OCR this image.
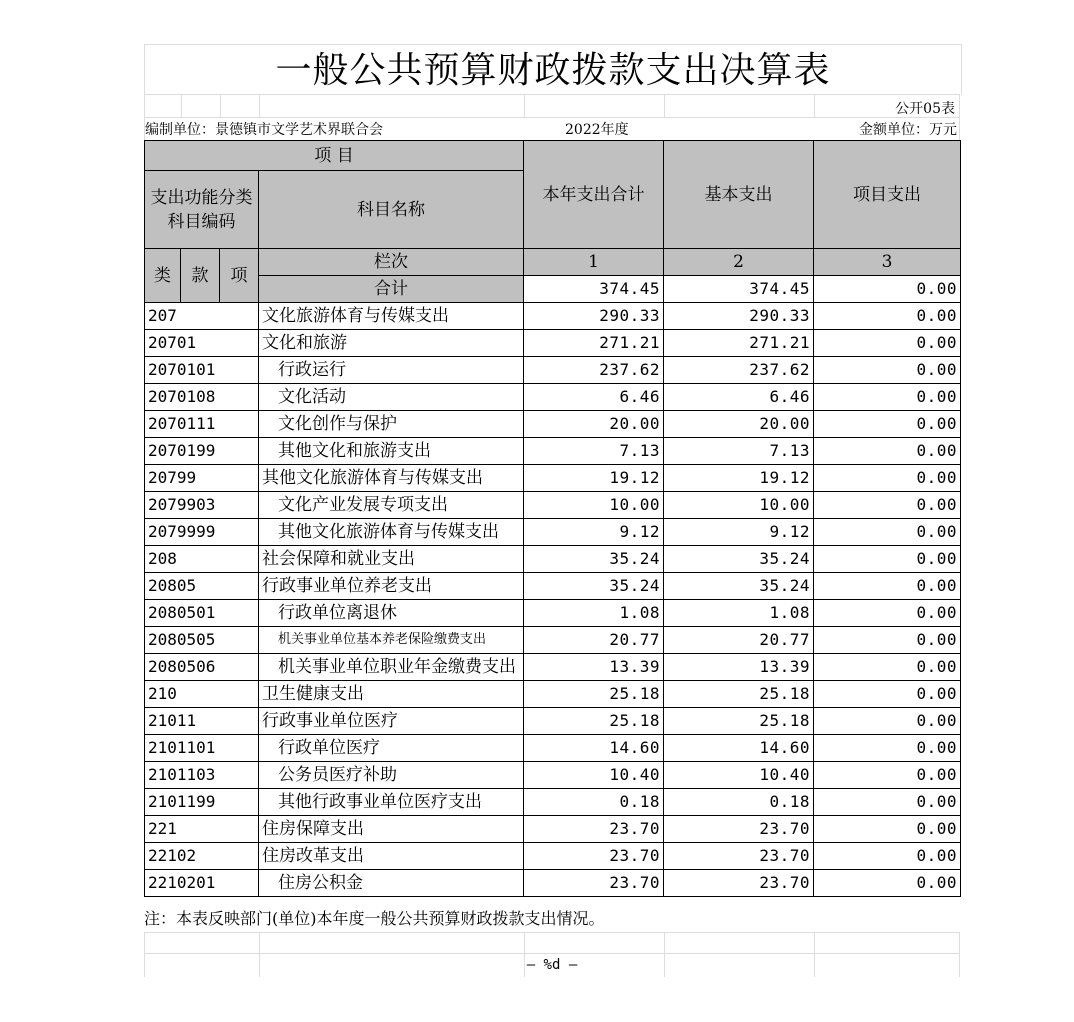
一般公共预算财政拨款支出决算表
公开05表
编制单位：景德镇市文学艺术界联合会	2022年度	金额单位：万元
项 目				本年支出合计	基本支出	项目支出

支出功能分类
科目编码			科目名称			

类	款	项	栏次	1	2	3
			合计	374.45	374.45	0.00
207			文化旅游体育与传媒支出	290.33	290.33	0.00
20701			文化和旅游	271.21	271.21	0.00
2070101			行政运行	237.62	237.62	0.00
2070108			文化活动	6.46	6.46	0.00
2070111			文化创作与保护	20.00	20.00	0.00
2070199			其他文化和旅游支出	7.13	7.13	0.00
20799			其他文化旅游体育与传媒支出	19.12	19.12	0.00
2079903			文化产业发展专项支出	10.00	10.00	0.00
2079999			其他文化旅游体育与传媒支出	9.12	9.12	0.00
208			社会保障和就业支出	35.24	35.24	0.00
20805			行政事业单位养老支出	35.24	35.24	0.00
2080501			行政单位离退休	1.08	1.08	0.00
2080505			机关事业单位基本养老保险缴费支出	20.77	20.77	0.00
2080506			机关事业单位职业年金缴费支出	13.39	13.39	0.00
210			卫生健康支出	25.18	25.18	0.00
21011			行政事业单位医疗	25.18	25.18	0.00
2101101			行政单位医疗	14.60	14.60	0.00
2101103			公务员医疗补助	10.40	10.40	0.00
2101199			其他行政事业单位医疗支出	0.18	0.18	0.00
221			住房保障支出	23.70	23.70	0.00
22102			住房改革支出	23.70	23.70	0.00
2210201			住房公积金	23.70	23.70	0.00
注：本表反映部门(单位)本年度一般公共预算财政拨款支出情况。
— %d —
